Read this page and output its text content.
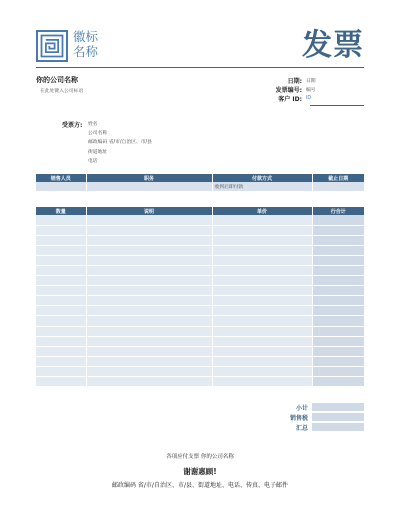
徽标
名称	发票
你的公司名称
在此处键入公司标语
日期: 日期
发票编号: 编号
客户 ID: ID
受票方: 姓名
公司名称
邮政编码 省/市/自治区、市/县
街道地址
电话
销售人员	职务	付款方式	截止日期
		收到后即付款	
数量	说明	单价	行合计

小计
销售税
汇总
各项应付支票 你的公司名称
谢谢惠顾!
邮政编码 省/市/自治区、市/县、街道地址、电话、传真、电子邮件
